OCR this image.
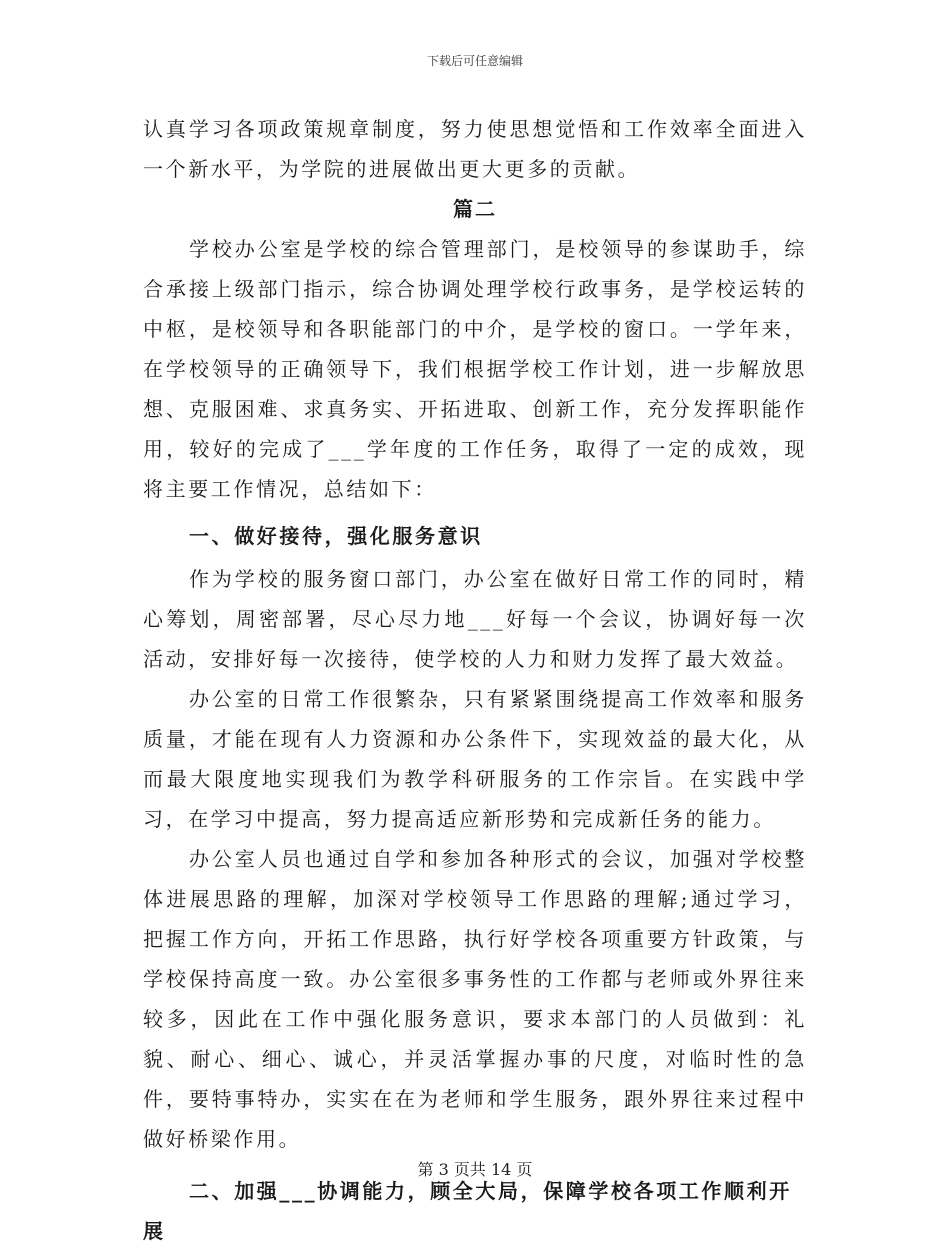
下载后可任意编辑

认真学习各项政策规章制度，努力使思想觉悟和工作效率全面进入一个新水平，为学院的进展做出更大更多的贡献。

篇二

学校办公室是学校的综合管理部门，是校领导的参谋助手，综合承接上级部门指示，综合协调处理学校行政事务，是学校运转的中枢，是校领导和各职能部门的中介，是学校的窗口。一学年来，在学校领导的正确领导下，我们根据学校工作计划，进一步解放思想、克服困难、求真务实、开拓进取、创新工作，充分发挥职能作用，较好的完成了___学年度的工作任务，取得了一定的成效，现将主要工作情况，总结如下：

一、做好接待，强化服务意识

作为学校的服务窗口部门，办公室在做好日常工作的同时，精心筹划，周密部署，尽心尽力地___好每一个会议，协调好每一次活动，安排好每一次接待，使学校的人力和财力发挥了最大效益。

办公室的日常工作很繁杂，只有紧紧围绕提高工作效率和服务质量，才能在现有人力资源和办公条件下，实现效益的最大化，从而最大限度地实现我们为教学科研服务的工作宗旨。在实践中学习，在学习中提高，努力提高适应新形势和完成新任务的能力。

办公室人员也通过自学和参加各种形式的会议，加强对学校整体进展思路的理解，加深对学校领导工作思路的理解;通过学习，把握工作方向，开拓工作思路，执行好学校各项重要方针政策，与学校保持高度一致。办公室很多事务性的工作都与老师或外界往来较多，因此在工作中强化服务意识，要求本部门的人员做到：礼貌、耐心、细心、诚心，并灵活掌握办事的尺度，对临时性的急件，要特事特办，实实在在为老师和学生服务，跟外界往来过程中做好桥梁作用。

二、加强___协调能力，顾全大局，保障学校各项工作顺利开展

第 3 页共 14 页
